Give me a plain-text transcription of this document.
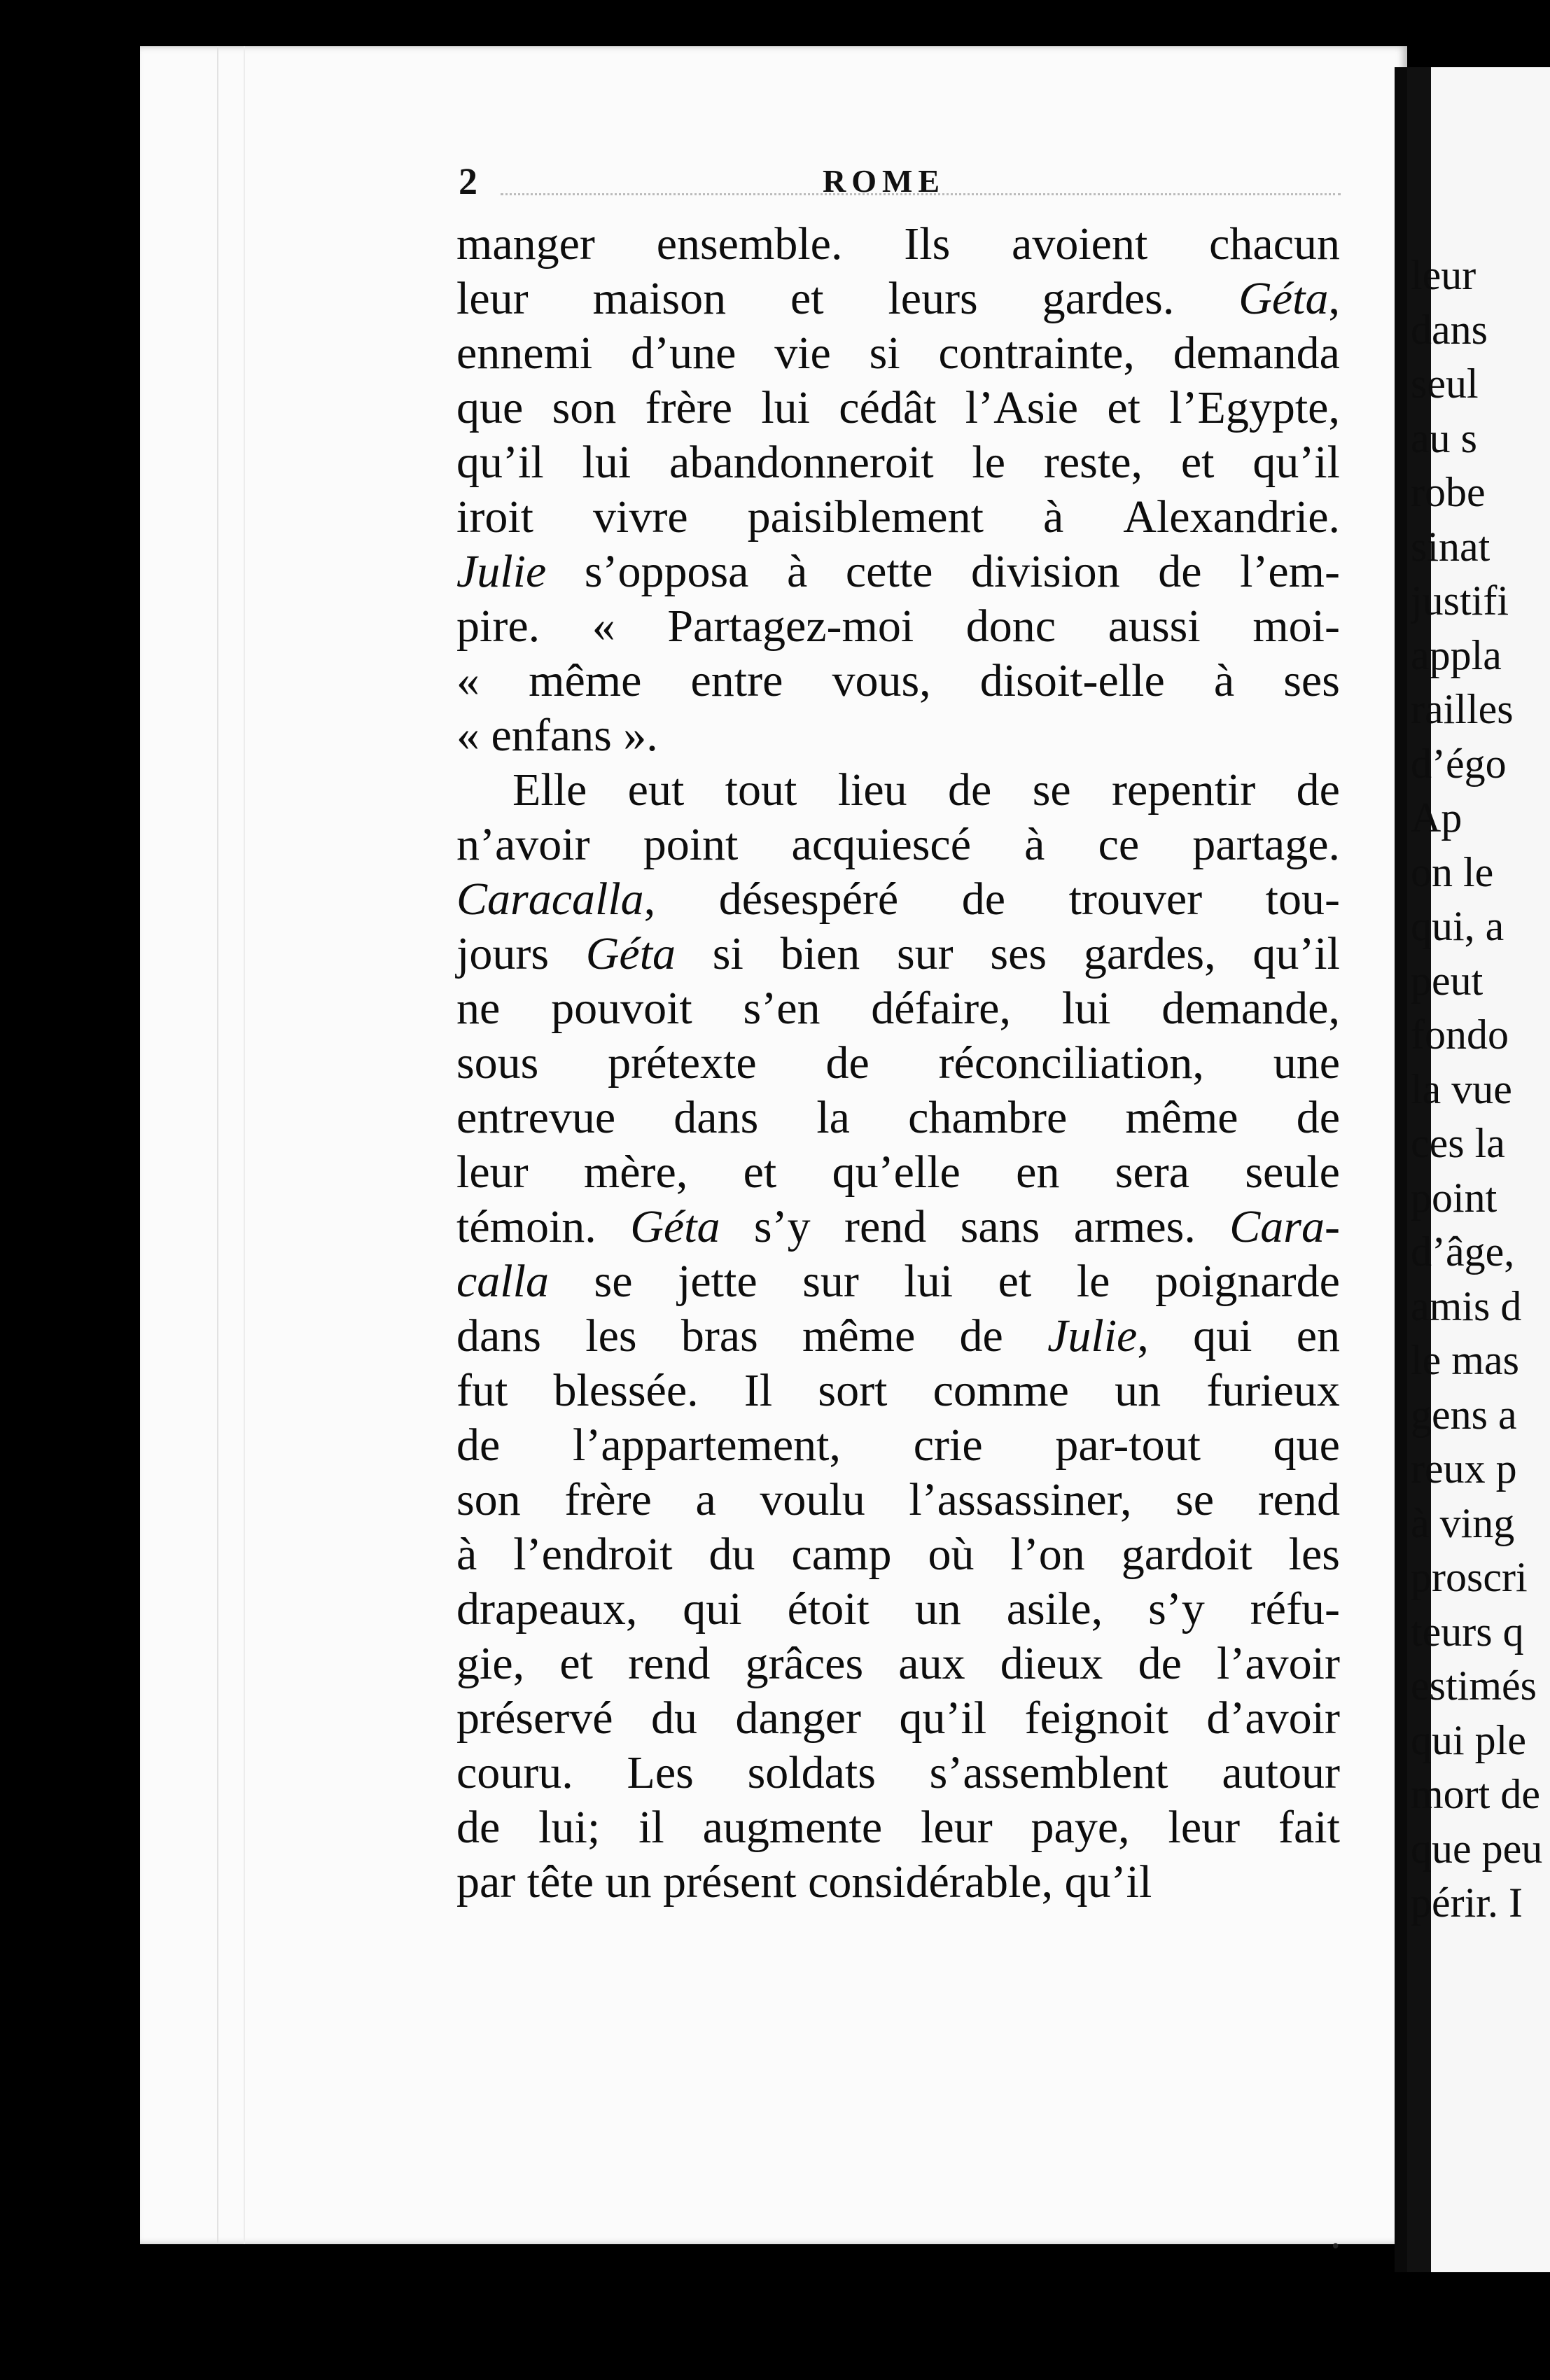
2	ROME
manger ensemble. Ils avoient chacun
leur maison et leurs gardes. Géta,
ennemi d’une vie si contrainte, demanda
que son frère lui cédât l’Asie et l’Egypte,
qu’il lui abandonneroit le reste, et qu’il
iroit vivre paisiblement à Alexandrie.
Julie s’opposa à cette division de l’em-
pire. « Partagez-moi donc aussi moi-
« même entre vous, disoit-elle à ses
«
enfans
».
Elle eut tout lieu de se repentir de
n’avoir point acquiescé à ce partage.
Caracalla, désespéré de trouver tou-
jours Géta si bien sur ses gardes, qu’il
ne pouvoit s’en défaire, lui demande,
sous prétexte de réconciliation, une
entrevue dans la chambre même de
leur mère, et qu’elle en sera seule
témoin. Géta s’y rend sans armes. Cara-
calla se jette sur lui et le poignarde
dans les bras même de Julie, qui en
fut blessée. Il sort comme un furieux
de l’appartement, crie par-tout que
son frère a voulu l’assassiner, se rend
à l’endroit du camp où l’on gardoit les
drapeaux, qui étoit un asile, s’y réfu-
gie, et rend grâces aux dieux de l’avoir
préservé du danger qu’il feignoit d’avoir
couru. Les soldats s’assemblent autour
de lui; il augmente leur paye, leur fait
par
tête
un
présent
considérable,
qu’il
leur
dans
seul
au s
robe
sinat
justifi
appla
railles
d’égo
Ap
on le
qui, a
peut
fondo
la vue
ces la
point
d’âge,
amis d
le mas
gens a
reux p
à ving
proscri
teurs q
estimés
qui ple
mort de
que peu
périr. I
•
